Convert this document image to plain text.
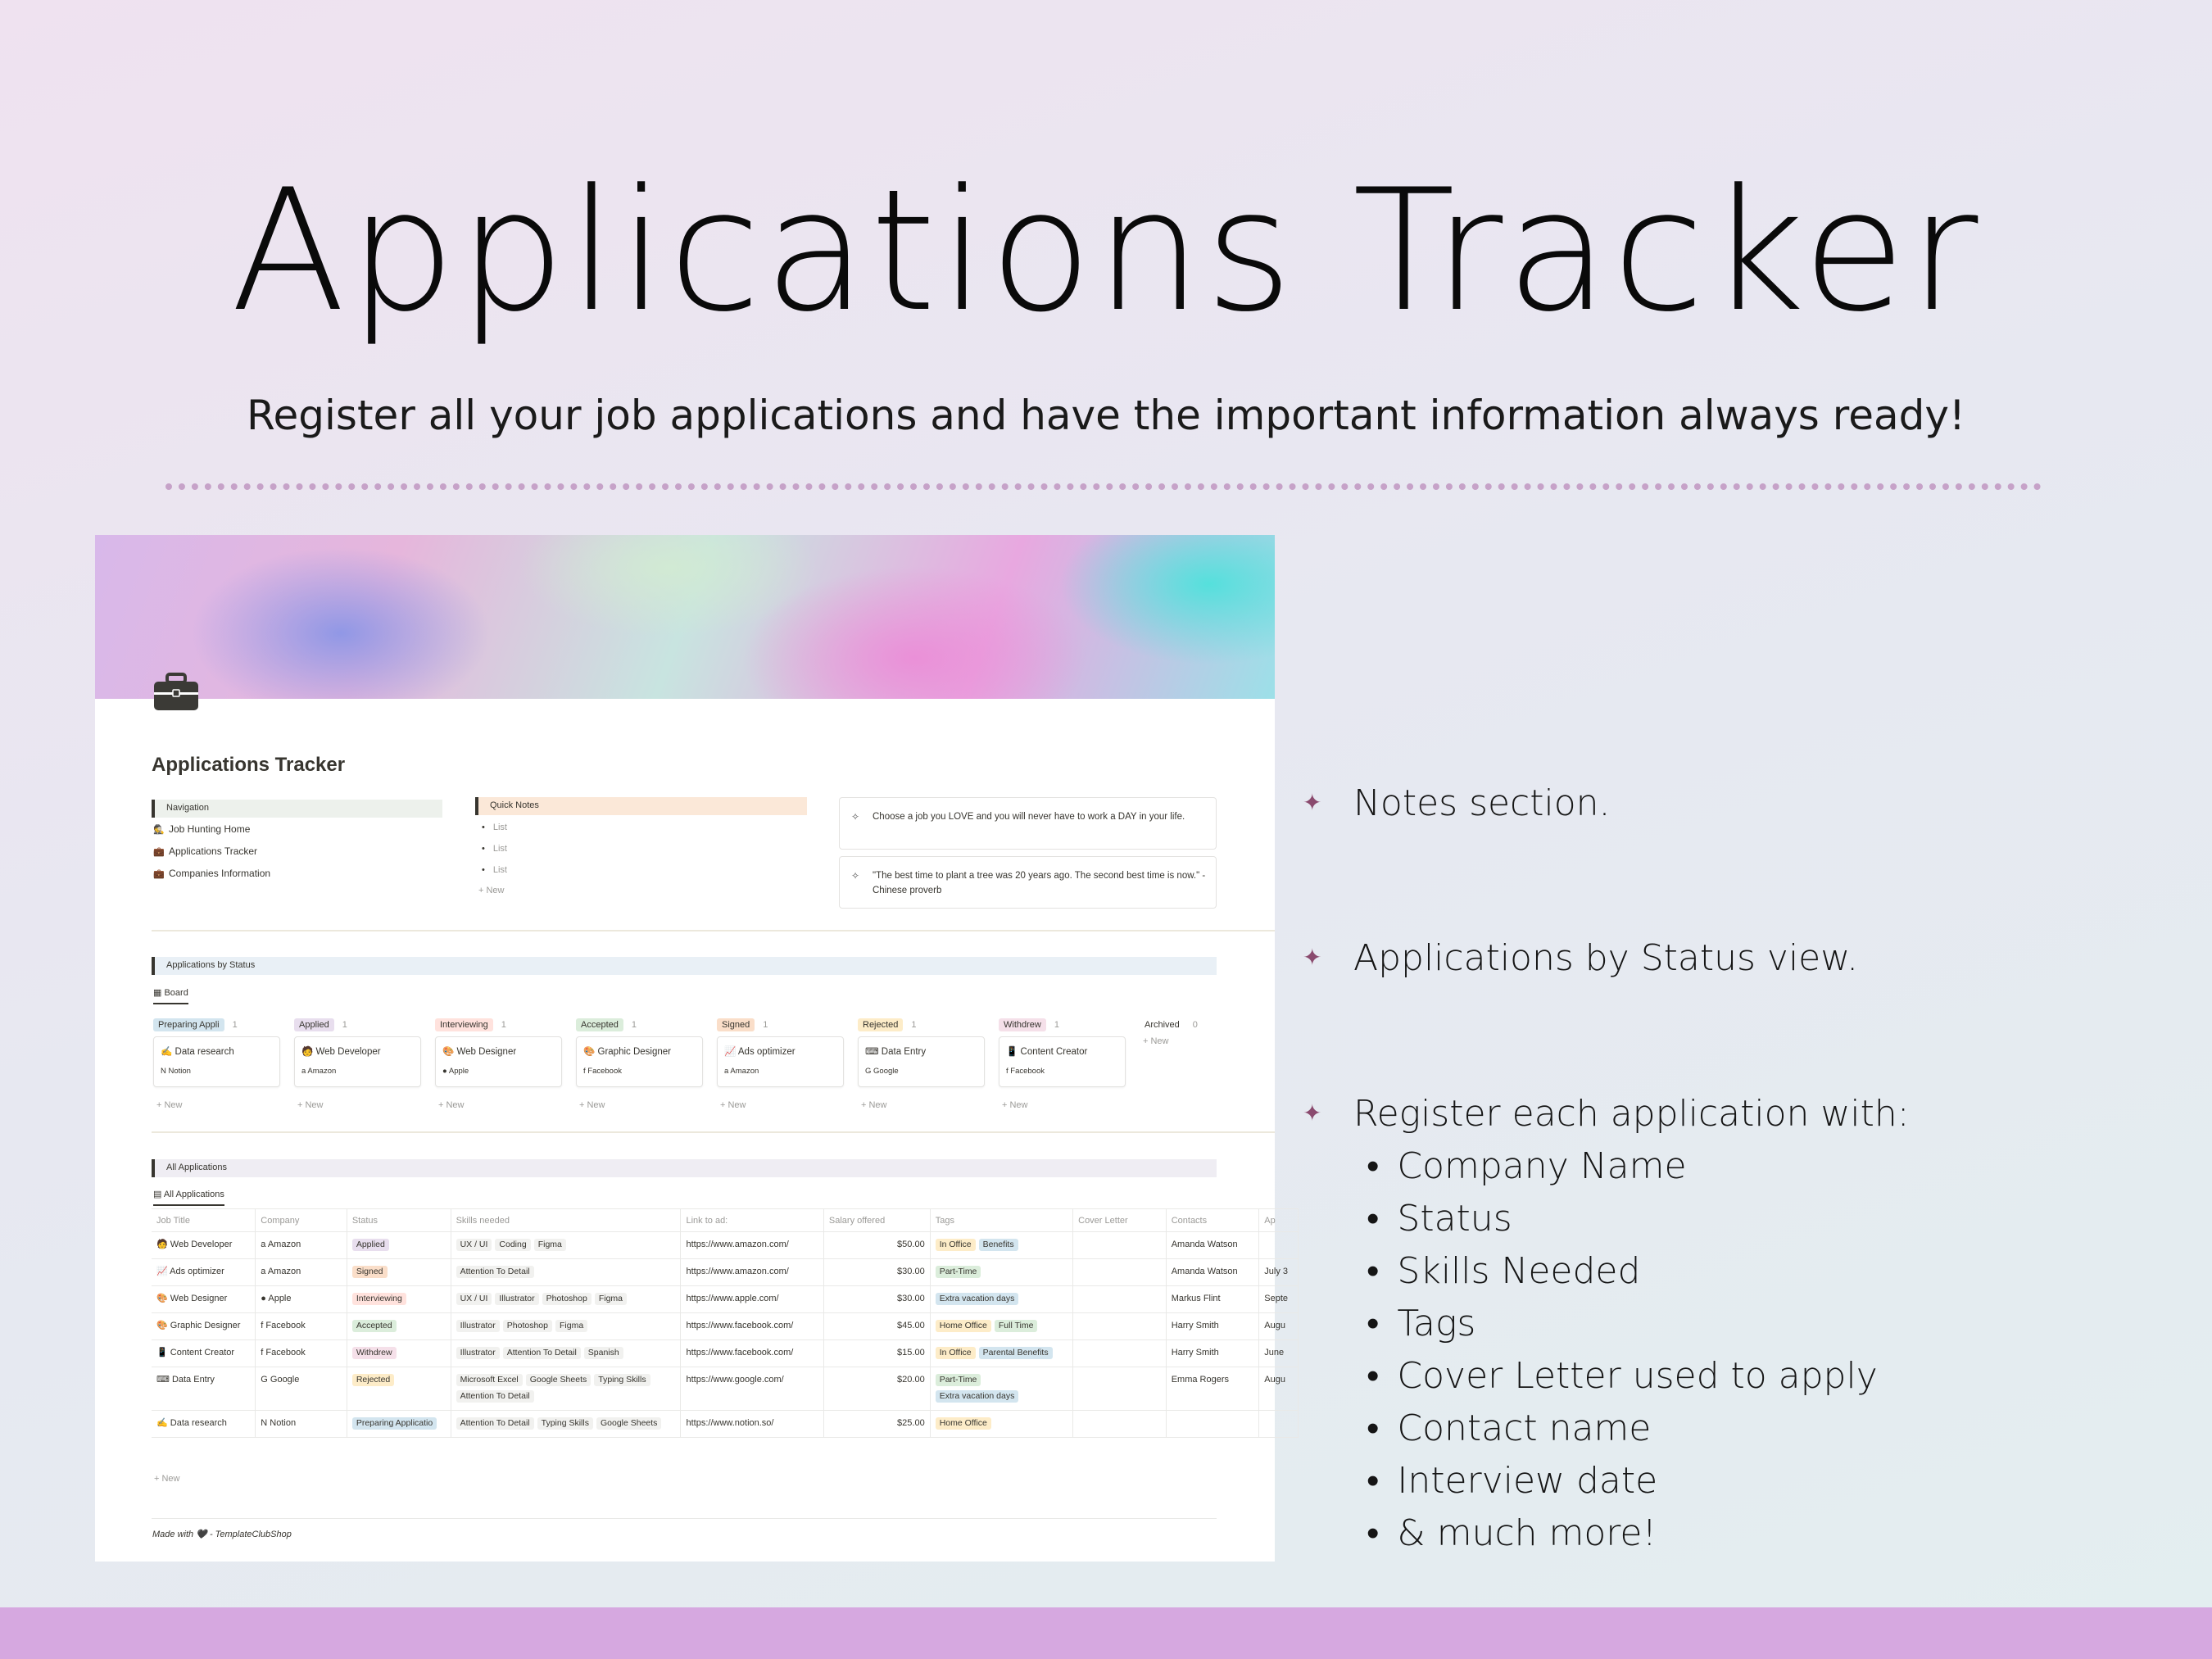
Applications Tracker
Register all your job applications and have the important information always ready!
Applications Tracker
Navigation
🕵 Job Hunting Home
💼 Applications Tracker
💼 Companies Information
Quick Notes
• List
• List
• List
+ New
✧ Choose a job you LOVE and you will never have to work a DAY in your life.
✧ "The best time to plant a tree was 20 years ago. The second best time is now." - Chinese proverb
Applications by Status
▦ Board
Preparing Appli 1
✍ Data research
N Notion
+ New
Applied 1
🧑 Web Developer
a Amazon
+ New
Interviewing 1
🎨 Web Designer
● Apple
+ New
Accepted 1
🎨 Graphic Designer
f Facebook
+ New
Signed 1
📈 Ads optimizer
a Amazon
+ New
Rejected 1
⌨ Data Entry
G Google
+ New
Withdrew 1
📱 Content Creator
f Facebook
+ New
Archived 0
+ New
All Applications
▤ All Applications
Job Title	Company	Status	Skills needed	Link to ad:	Salary offered	Tags	Cover Letter	Contacts	Ap
🧑 Web Developer	a Amazon	Applied	UX / UI Coding Figma	https://www.amazon.com/	$50.00	In Office Benefits		Amanda Watson	
📈 Ads optimizer	a Amazon	Signed	Attention To Detail	https://www.amazon.com/	$30.00	Part-Time		Amanda Watson	July 3
🎨 Web Designer	● Apple	Interviewing	UX / UI Illustrator Photoshop Figma	https://www.apple.com/	$30.00	Extra vacation days		Markus Flint	Septe
🎨 Graphic Designer	f Facebook	Accepted	Illustrator Photoshop Figma	https://www.facebook.com/	$45.00	Home Office Full Time		Harry Smith	Augu
📱 Content Creator	f Facebook	Withdrew	Illustrator Attention To Detail Spanish	https://www.facebook.com/	$15.00	In Office Parental Benefits		Harry Smith	June
⌨ Data Entry	G Google	Rejected	Microsoft Excel Google Sheets Typing SkillsAttention To Detail	https://www.google.com/	$20.00	Part-TimeExtra vacation days		Emma Rogers	Augu
✍ Data research	N Notion	Preparing Applicatio	Attention To Detail Typing Skills Google Sheets	https://www.notion.so/	$25.00	Home Office			
+ New
Made with 🖤 - TemplateClubShop
✦ Notes section.
✦ Applications by Status view.
✦ Register each application with:
• Company Name
• Status
• Skills Needed
• Tags
• Cover Letter used to apply
• Contact name
• Interview date
• & much more!
